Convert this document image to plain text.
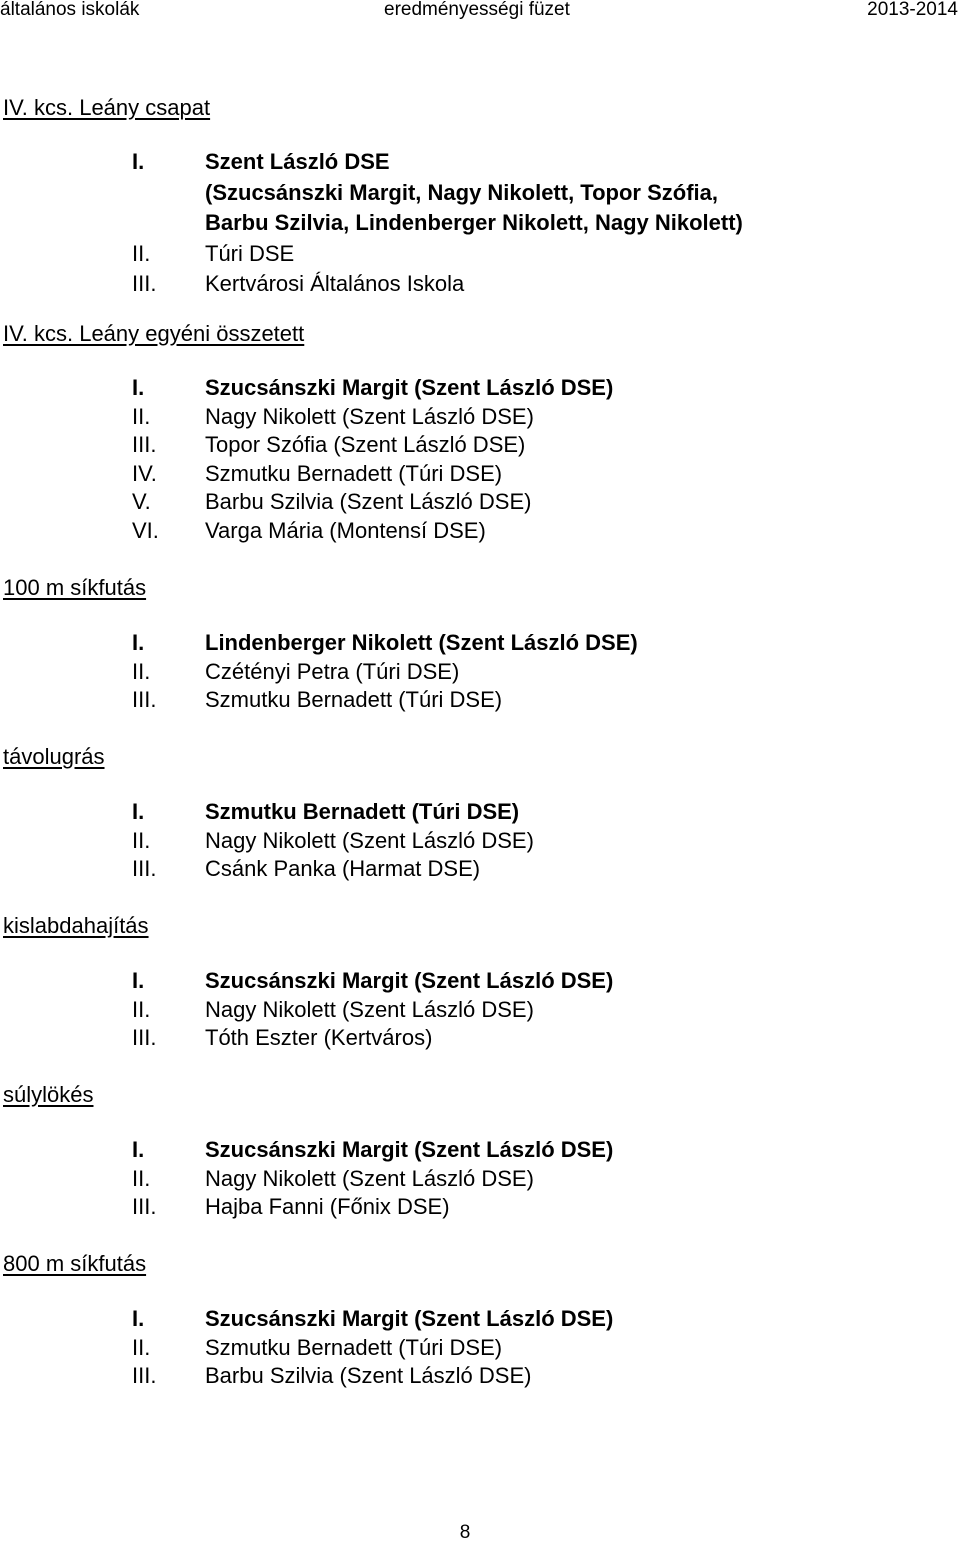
általános iskolák	eredményességi füzet	2013-2014
IV. kcs. Leány csapat
I.	Szent László DSE
(Szucsánszki Margit, Nagy Nikolett, Topor Szófia,
Barbu Szilvia, Lindenberger Nikolett, Nagy Nikolett)
II. Túri DSE
III. Kertvárosi Általános Iskola
IV. kcs. Leány egyéni összetett
I.	Szucsánszki Margit (Szent László DSE)
II. Nagy Nikolett (Szent László DSE)
III. Topor Szófia (Szent László DSE)
IV. Szmutku Bernadett (Túri DSE)
V. Barbu Szilvia (Szent László DSE)
VI. Varga Mária (Montensí DSE)
100 m síkfutás
I.	Lindenberger Nikolett (Szent László DSE)
II. Czétényi Petra (Túri DSE)
III. Szmutku Bernadett (Túri DSE)
távolugrás
I.	Szmutku Bernadett (Túri DSE)
II. Nagy Nikolett (Szent László DSE)
III. Csánk Panka (Harmat DSE)
kislabdahajítás
I.	Szucsánszki Margit (Szent László DSE)
II. Nagy Nikolett (Szent László DSE)
III. Tóth Eszter (Kertváros)
súlylökés
I.	Szucsánszki Margit (Szent László DSE)
II. Nagy Nikolett (Szent László DSE)
III. Hajba Fanni (Főnix DSE)
800 m síkfutás
I.	Szucsánszki Margit (Szent László DSE)
II. Szmutku Bernadett (Túri DSE)
III. Barbu Szilvia (Szent László DSE)
8
